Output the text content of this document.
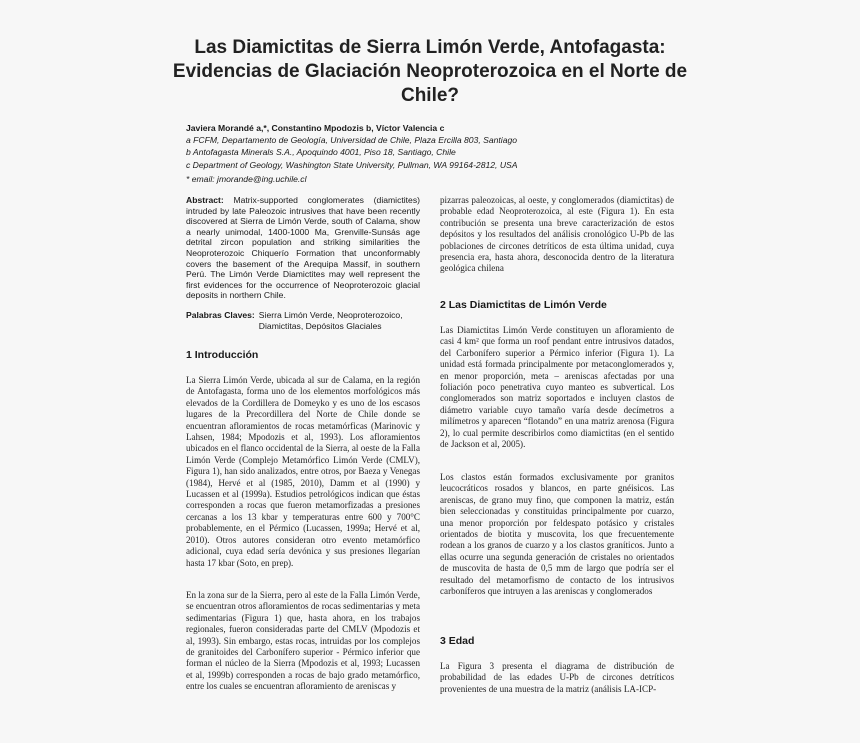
Las Diamictitas de Sierra Limón Verde, Antofagasta:
Evidencias de Glaciación Neoproterozoica en el Norte de
Chile?
Javiera Morandé a,*, Constantino Mpodozis b, Víctor Valencia c
a FCFM, Departamento de Geología, Universidad de Chile, Plaza Ercilla 803, Santiago
b Antofagasta Minerals S.A., Apoquindo 4001, Piso 18, Santiago, Chile
c Department of Geology, Washington State University, Pullman, WA 99164-2812, USA
* email: jmorande@ing.uchile.cl
Abstract: Matrix-supported conglomerates (diamictites) intruded by late Paleozoic intrusives that have been recently discovered at Sierra de Limón Verde, south of Calama, show a nearly unimodal, 1400-1000 Ma, Grenville-Sunsás age detrital zircon population and striking similarities the Neoproterozoic Chiquerío Formation that unconformably covers the basement of the Arequipa Massif, in southern Perú. The Limón Verde Diamictites may well represent the first evidences for the occurrence of Neoproterozoic glacial deposits in northern Chile.
Palabras Claves: Sierra Limón Verde, Neoproterozoico, Diamictitas, Depósitos Glaciales
1 Introducción
La Sierra Limón Verde, ubicada al sur de Calama, en la región de Antofagasta, forma uno de los elementos morfológicos más elevados de la Cordillera de Domeyko y es uno de los escasos lugares de la Precordillera del Norte de Chile donde se encuentran afloramientos de rocas metamórficas (Marinovic y Lahsen, 1984; Mpodozis et al, 1993). Los afloramientos ubicados en el flanco occidental de la Sierra, al oeste de la Falla Limón Verde (Complejo Metamórfico Limón Verde (CMLV), Figura 1), han sido analizados, entre otros, por Baeza y Venegas (1984), Hervé et al (1985, 2010), Damm et al (1990) y Lucassen et al (1999a). Estudios petrológicos indican que éstas corresponden a rocas que fueron metamorfizadas a presiones cercanas a los 13 kbar y temperaturas entre 600 y 700°C probablemente, en el Pérmico (Lucassen, 1999a; Hervé et al, 2010). Otros autores consideran otro evento metamórfico adicional, cuya edad sería devónica y sus presiones llegarían hasta 17 kbar (Soto, en prep).
En la zona sur de la Sierra, pero al este de la Falla Limón Verde, se encuentran otros afloramientos de rocas sedimentarias y meta sedimentarias (Figura 1) que, hasta ahora, en los trabajos regionales, fueron consideradas parte del CMLV (Mpodozis et al, 1993). Sin embargo, estas rocas, intruidas por los complejos de granitoides del Carbonífero superior - Pérmico inferior que forman el núcleo de la Sierra (Mpodozis et al, 1993; Lucassen et al, 1999b) corresponden a rocas de bajo grado metamórfico, entre los cuales se encuentran afloramiento de areniscas y
pizarras paleozoicas, al oeste, y conglomerados (diamictitas) de probable edad Neoproterozoica, al este (Figura 1). En esta contribución se presenta una breve caracterización de estos depósitos y los resultados del análisis cronológico U-Pb de las poblaciones de circones detríticos de esta última unidad, cuya presencia era, hasta ahora, desconocida dentro de la literatura geológica chilena
2 Las Diamictitas de Limón Verde
Las Diamictitas Limón Verde constituyen un afloramiento de casi 4 km² que forma un roof pendant entre intrusivos datados, del Carbonífero superior a Pérmico inferior (Figura 1). La unidad está formada principalmente por metaconglomerados y, en menor proporción, meta – areniscas afectadas por una foliación poco penetrativa cuyo manteo es subvertical. Los conglomerados son matriz soportados e incluyen clastos de diámetro variable cuyo tamaño varía desde decímetros a milímetros y aparecen “flotando” en una matriz arenosa (Figura 2), lo cual permite describirlos como diamictitas (en el sentido de Jackson et al, 2005).
Los clastos están formados exclusivamente por granitos leucocráticos rosados y blancos, en parte gnéisicos. Las areniscas, de grano muy fino, que componen la matriz, están bien seleccionadas y constituidas principalmente por cuarzo, una menor proporción por feldespato potásico y cristales orientados de biotita y muscovita, los que frecuentemente rodean a los granos de cuarzo y a los clastos graníticos. Junto a ellas ocurre una segunda generación de cristales no orientados de muscovita de hasta de 0,5 mm de largo que podría ser el resultado del metamorfismo de contacto de los intrusivos carboníferos que intruyen a las areniscas y conglomerados
3 Edad
La Figura 3 presenta el diagrama de distribución de probabilidad de las edades U-Pb de circones detríticos provenientes de una muestra de la matriz (análisis LA-ICP-
